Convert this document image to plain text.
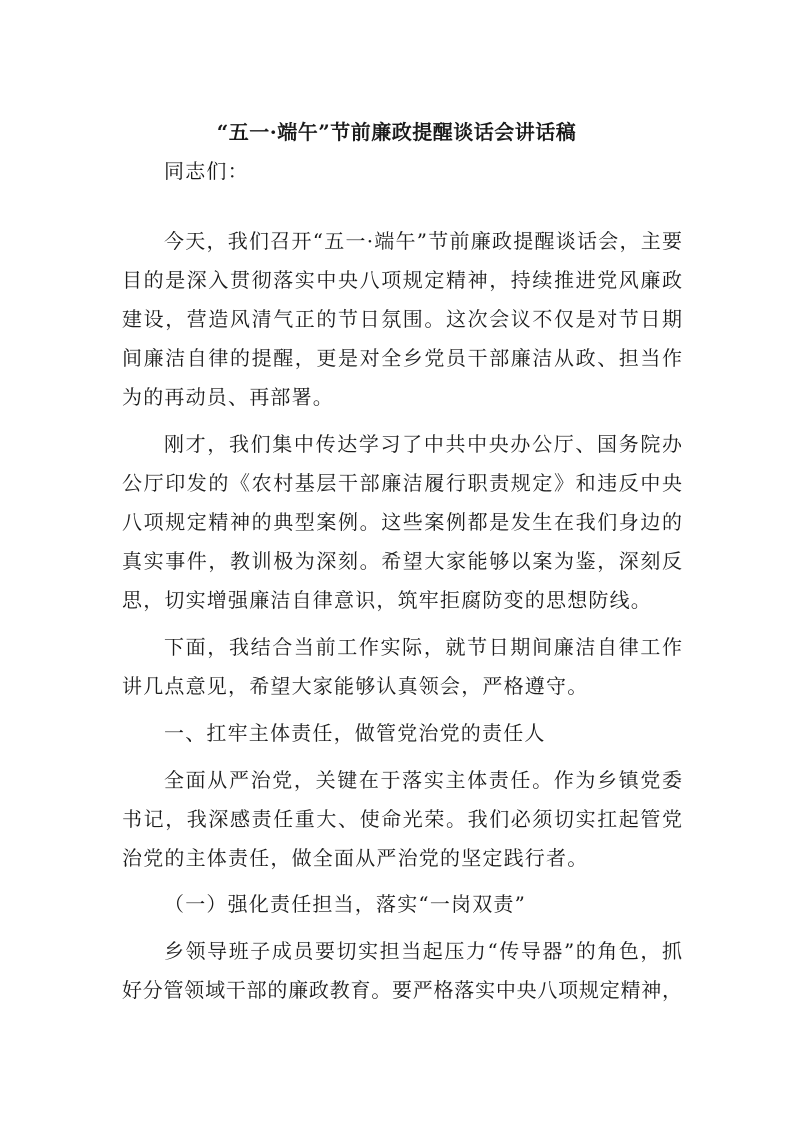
“五一·端午”节前廉政提醒谈话会讲话稿
同志们：
今天，我们召开“五一·端午”节前廉政提醒谈话会，主要
目的是深入贯彻落实中央八项规定精神，持续推进党风廉政
建设，营造风清气正的节日氛围。这次会议不仅是对节日期
间廉洁自律的提醒，更是对全乡党员干部廉洁从政、担当作
为的再动员、再部署。
刚才，我们集中传达学习了中共中央办公厅、国务院办
公厅印发的《农村基层干部廉洁履行职责规定》和违反中央
八项规定精神的典型案例。这些案例都是发生在我们身边的
真实事件，教训极为深刻。希望大家能够以案为鉴，深刻反
思，切实增强廉洁自律意识，筑牢拒腐防变的思想防线。
下面，我结合当前工作实际，就节日期间廉洁自律工作
讲几点意见，希望大家能够认真领会，严格遵守。
一、扛牢主体责任，做管党治党的责任人
全面从严治党，关键在于落实主体责任。作为乡镇党委
书记，我深感责任重大、使命光荣。我们必须切实扛起管党
治党的主体责任，做全面从严治党的坚定践行者。
（一）强化责任担当，落实“一岗双责”
乡领导班子成员要切实担当起压力“传导器”的角色，抓
好分管领域干部的廉政教育。要严格落实中央八项规定精神，
